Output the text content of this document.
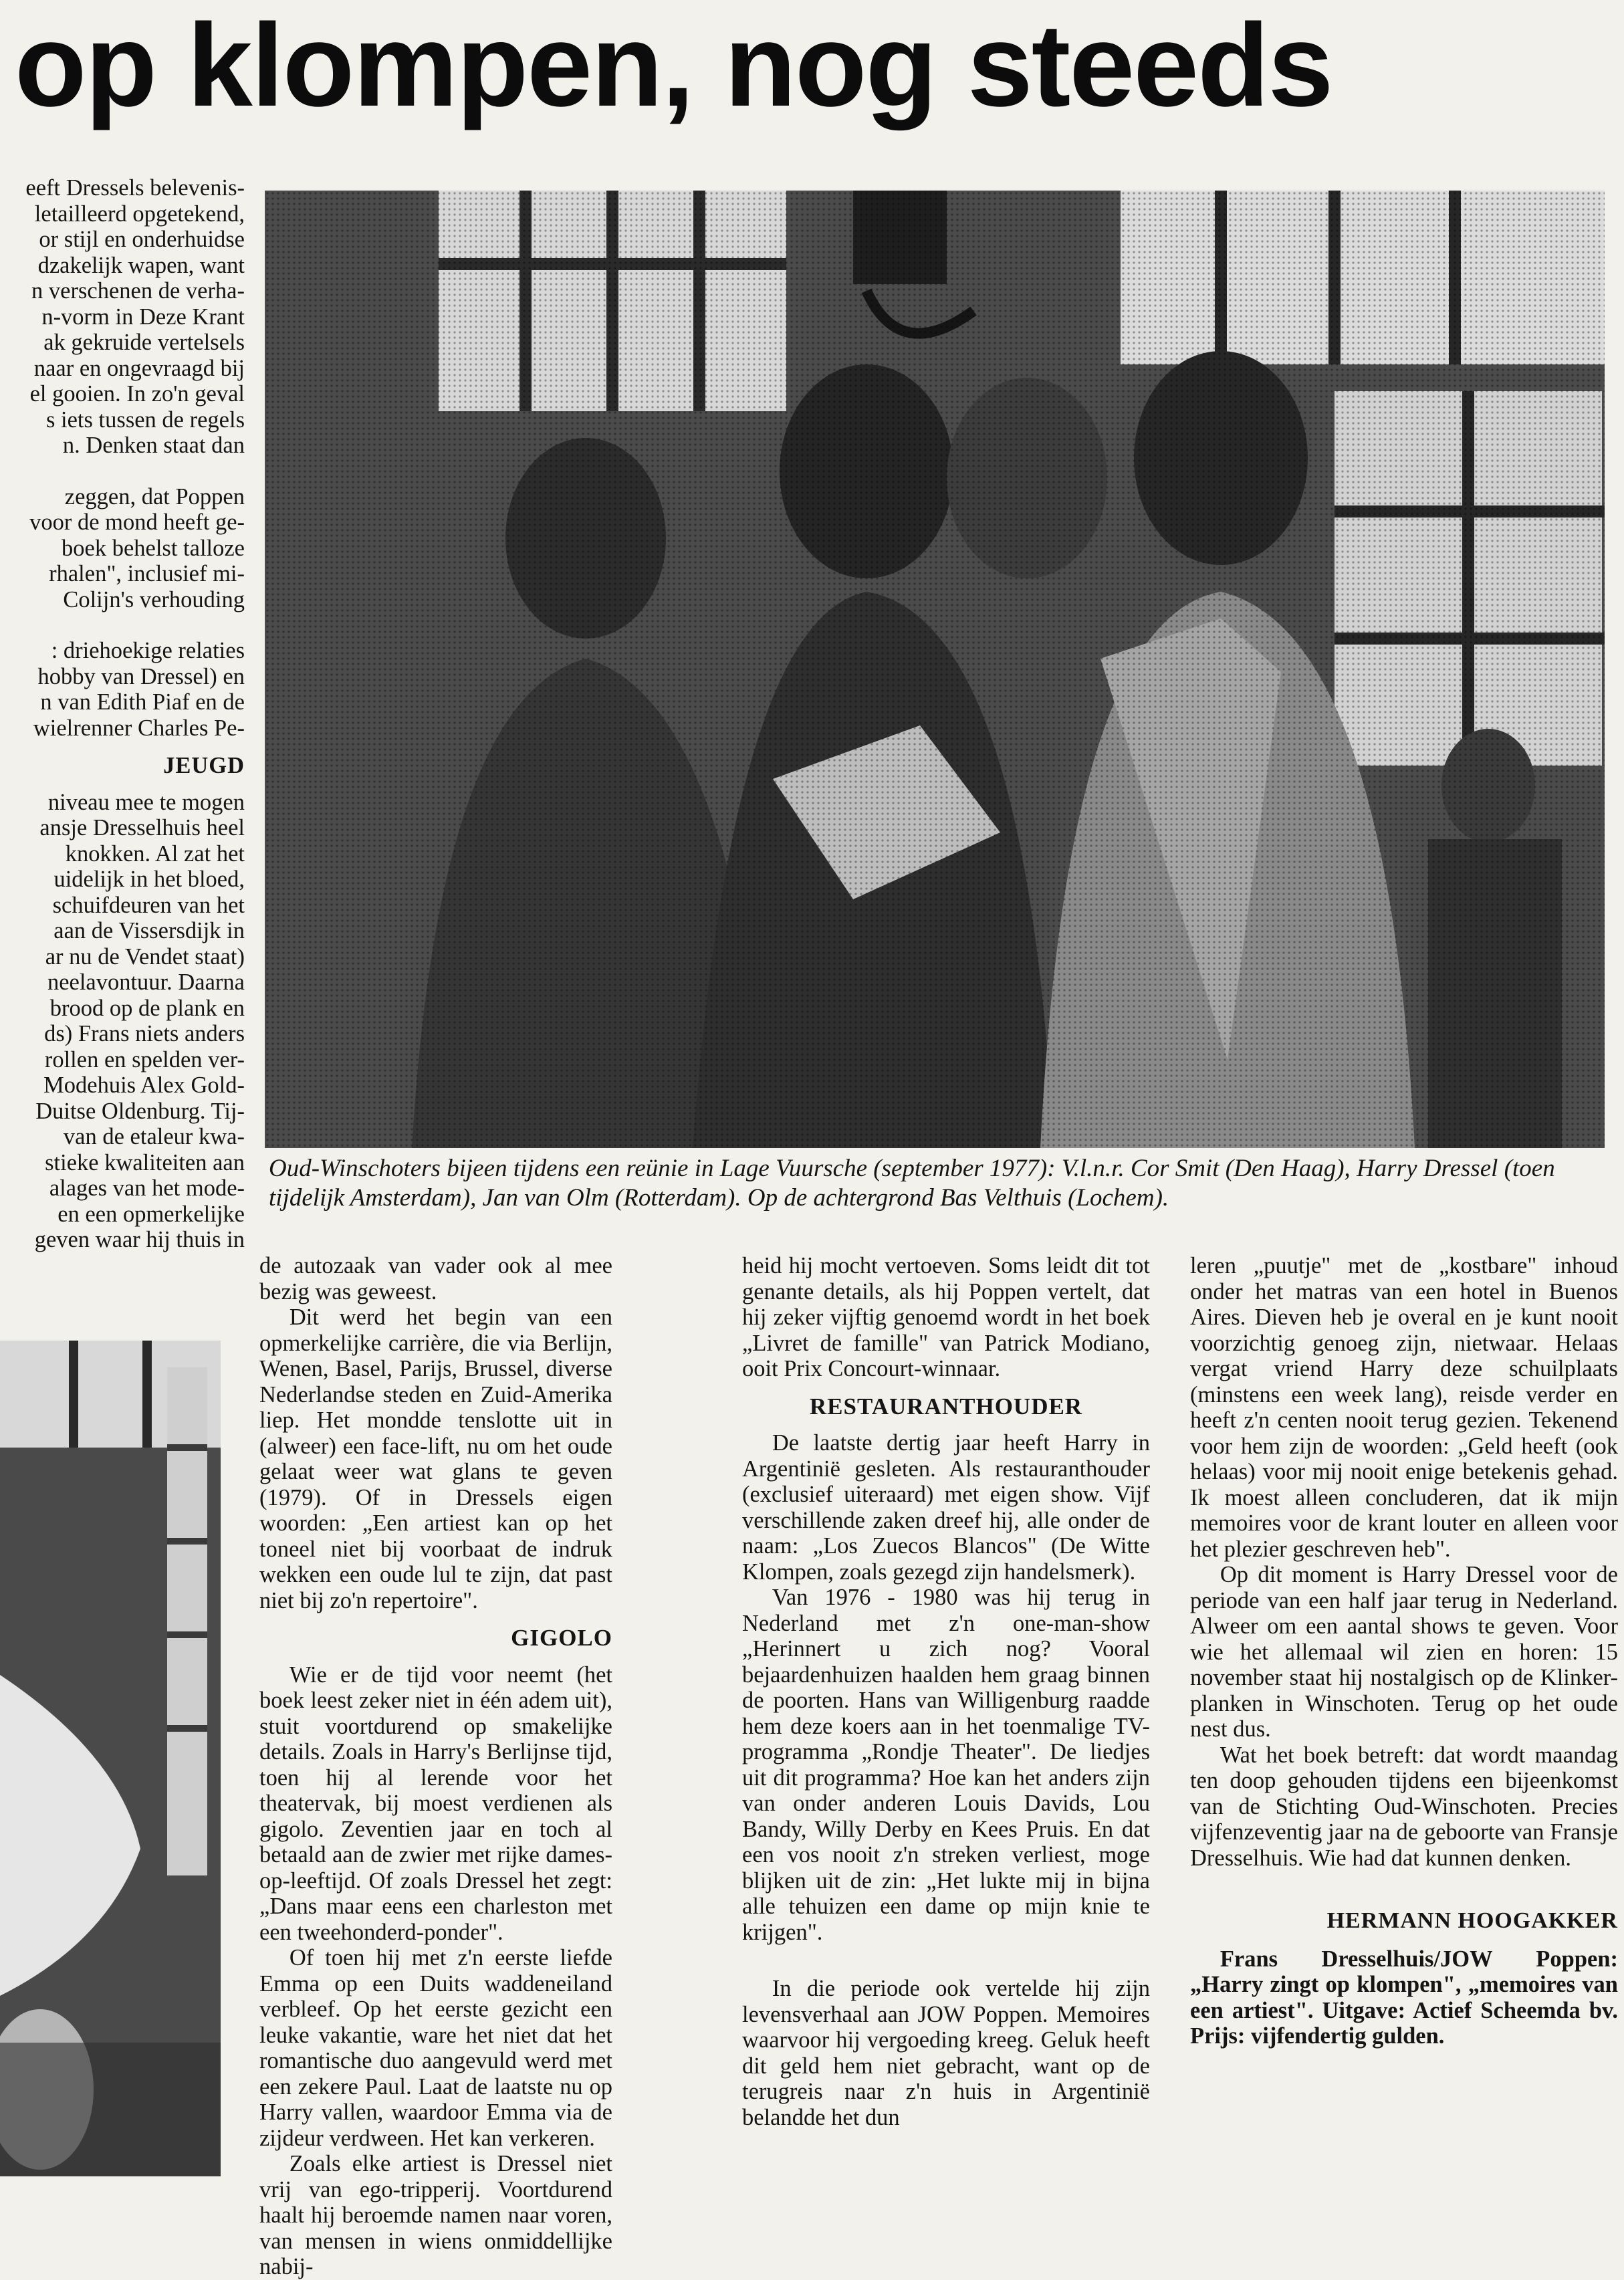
op klompen, nog steeds
eeft Dressels belevenis-
letailleerd opgetekend,
or stijl en onderhuidse
dzakelijk wapen, want
n verschenen de verha-
n-vorm in Deze Krant
ak gekruide vertelsels
naar en ongevraagd bij
el gooien. In zo'n geval
s iets tussen de regels
n. Denken staat dan
zeggen, dat Poppen
voor de mond heeft ge-
boek behelst talloze
rhalen", inclusief mi-
Colijn's verhouding
: driehoekige relaties
hobby van Dressel) en
n van Edith Piaf en de
wielrenner Charles Pe-
JEUGD
niveau mee te mogen
ansje Dresselhuis heel
knokken. Al zat het
uidelijk in het bloed,
schuifdeuren van het
aan de Vissersdijk in
ar nu de Vendet staat)
neelavontuur. Daarna
brood op de plank en
ds) Frans niets anders
rollen en spelden ver-
Modehuis Alex Gold-
Duitse Oldenburg. Tij-
van de etaleur kwa-
stieke kwaliteiten aan
alages van het mode-
en een opmerkelijke
geven waar hij thuis in
Oud-Winschoters bijeen tijdens een reünie in Lage Vuursche (september 1977): V.l.n.r. Cor Smit (Den Haag), Harry Dressel (toen tijdelijk Amsterdam), Jan van Olm (Rotterdam). Op de achtergrond Bas Velthuis (Lochem).

de autozaak van vader ook al mee bezig was geweest.

Dit werd het begin van een opmerkelijke carrière, die via Berlijn, Wenen, Basel, Parijs, Brussel, diverse Nederlandse steden en Zuid-Amerika liep. Het mondde tenslotte uit in (alweer) een face-lift, nu om het oude gelaat weer wat glans te geven (1979). Of in Dressels eigen woorden: „Een artiest kan op het toneel niet bij voorbaat de indruk wekken een oude lul te zijn, dat past niet bij zo'n repertoire".

GIGOLO

Wie er de tijd voor neemt (het boek leest zeker niet in één adem uit), stuit voortdurend op smakelijke details. Zoals in Harry's Berlijnse tijd, toen hij al lerende voor het theatervak, bij moest verdienen als gigolo. Zeventien jaar en toch al betaald aan de zwier met rijke dames-op-leeftijd. Of zoals Dressel het zegt: „Dans maar eens een charleston met een tweehonderd-ponder".

Of toen hij met z'n eerste liefde Emma op een Duits waddeneiland verbleef. Op het eerste gezicht een leuke vakantie, ware het niet dat het romantische duo aangevuld werd met een zekere Paul. Laat de laatste nu op Harry vallen, waardoor Emma via de zijdeur verdween. Het kan verkeren.

Zoals elke artiest is Dressel niet vrij van ego-tripperij. Voortdurend haalt hij beroemde namen naar voren, van mensen in wiens onmiddellijke nabij-

heid hij mocht vertoeven. Soms leidt dit tot genante details, als hij Poppen vertelt, dat hij zeker vijftig genoemd wordt in het boek „Livret de famille" van Patrick Modiano, ooit Prix Concourt-winnaar.

RESTAURANTHOUDER

De laatste dertig jaar heeft Harry in Argentinië gesleten. Als restauranthouder (exclusief uiteraard) met eigen show. Vijf verschillende zaken dreef hij, alle onder de naam: „Los Zuecos Blancos" (De Witte Klompen, zoals gezegd zijn handelsmerk).

Van 1976 - 1980 was hij terug in Nederland met z'n one-man-show „Herinnert u zich nog? Vooral bejaardenhuizen haalden hem graag binnen de poorten. Hans van Willigenburg raadde hem deze koers aan in het toenmalige TV-programma „Rondje Theater". De liedjes uit dit programma? Hoe kan het anders zijn van onder anderen Louis Davids, Lou Bandy, Willy Derby en Kees Pruis. En dat een vos nooit z'n streken verliest, moge blijken uit de zin: „Het lukte mij in bijna alle tehuizen een dame op mijn knie te krijgen".

In die periode ook vertelde hij zijn levensverhaal aan JOW Poppen. Memoires waarvoor hij vergoeding kreeg. Geluk heeft dit geld hem niet gebracht, want op de terugreis naar z'n huis in Argentinië belandde het dun

leren „puutje" met de „kostbare" inhoud onder het matras van een hotel in Buenos Aires. Dieven heb je overal en je kunt nooit voorzichtig genoeg zijn, nietwaar. Helaas vergat vriend Harry deze schuilplaats (minstens een week lang), reisde verder en heeft z'n centen nooit terug gezien. Tekenend voor hem zijn de woorden: „Geld heeft (ook helaas) voor mij nooit enige betekenis gehad. Ik moest alleen concluderen, dat ik mijn memoires voor de krant louter en alleen voor het plezier geschreven heb".

Op dit moment is Harry Dressel voor de periode van een half jaar terug in Nederland. Alweer om een aantal shows te geven. Voor wie het allemaal wil zien en horen: 15 november staat hij nostalgisch op de Klinker-planken in Winschoten. Terug op het oude nest dus.

Wat het boek betreft: dat wordt maandag ten doop gehouden tijdens een bijeenkomst van de Stichting Oud-Winschoten. Precies vijfenzeventig jaar na de geboorte van Fransje Dresselhuis. Wie had dat kunnen denken.

HERMANN HOOGAKKER

Frans Dresselhuis/JOW Poppen: „Harry zingt op klompen", „memoires van een artiest". Uitgave: Actief Scheemda bv. Prijs: vijfendertig gulden.
